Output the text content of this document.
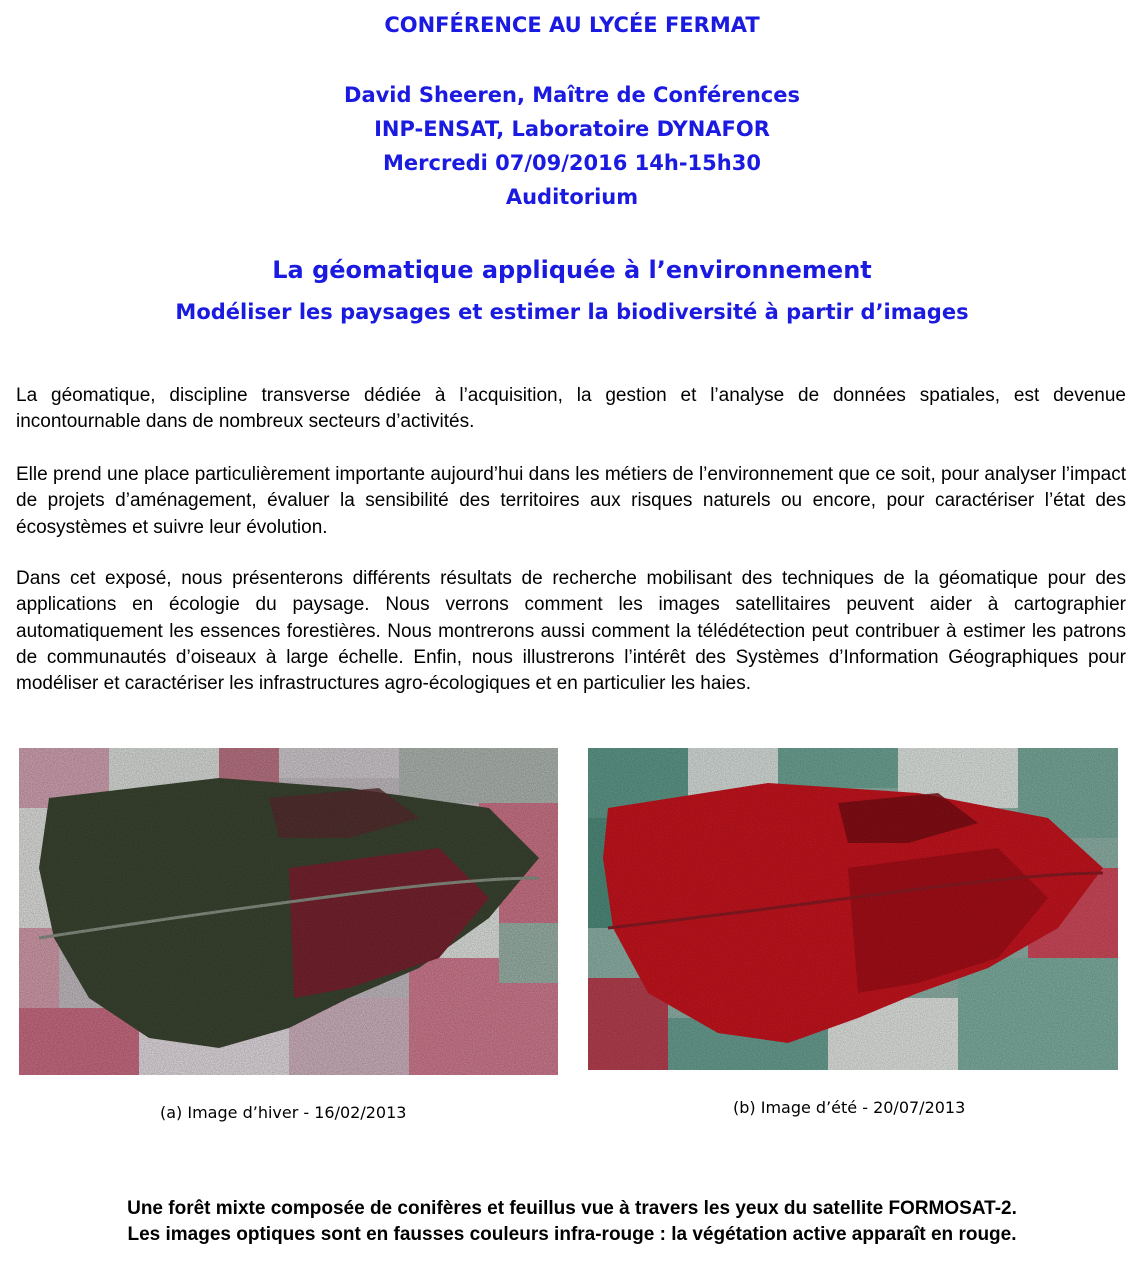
CONFÉRENCE AU LYCÉE FERMAT
David Sheeren, Maître de Conférences
INP-ENSAT, Laboratoire DYNAFOR
Mercredi 07/09/2016 14h-15h30
Auditorium
La géomatique appliquée à l’environnement
Modéliser les paysages et estimer la biodiversité à partir d’images

La géomatique, discipline transverse dédiée à l’acquisition, la gestion et l’analyse de données spatiales, est devenue incontournable dans de nombreux secteurs d’activités.

Elle prend une place particulièrement importante aujourd’hui dans les métiers de l’environnement que ce soit, pour analyser l’impact de projets d’aménagement, évaluer la sensibilité des territoires aux risques naturels ou encore, pour caractériser l’état des écosystèmes et suivre leur évolution.

Dans cet exposé, nous présenterons différents résultats de recherche mobilisant des techniques de la géomatique pour des applications en écologie du paysage. Nous verrons comment les images satellitaires peuvent aider à cartographier automatiquement les essences forestières. Nous montrerons aussi comment la télédétection peut contribuer à estimer les patrons de communautés d’oiseaux à large échelle. Enfin, nous illustrerons l’intérêt des Systèmes d’Information Géographiques pour modéliser et caractériser les infrastructures agro-écologiques et en particulier les haies.

(a) Image d’hiver - 16/02/2013	(b) Image d’été - 20/07/2013
Une forêt mixte composée de conifères et feuillus vue à travers les yeux du satellite FORMOSAT-2.
Les images optiques sont en fausses couleurs infra-rouge : la végétation active apparaît en rouge.
